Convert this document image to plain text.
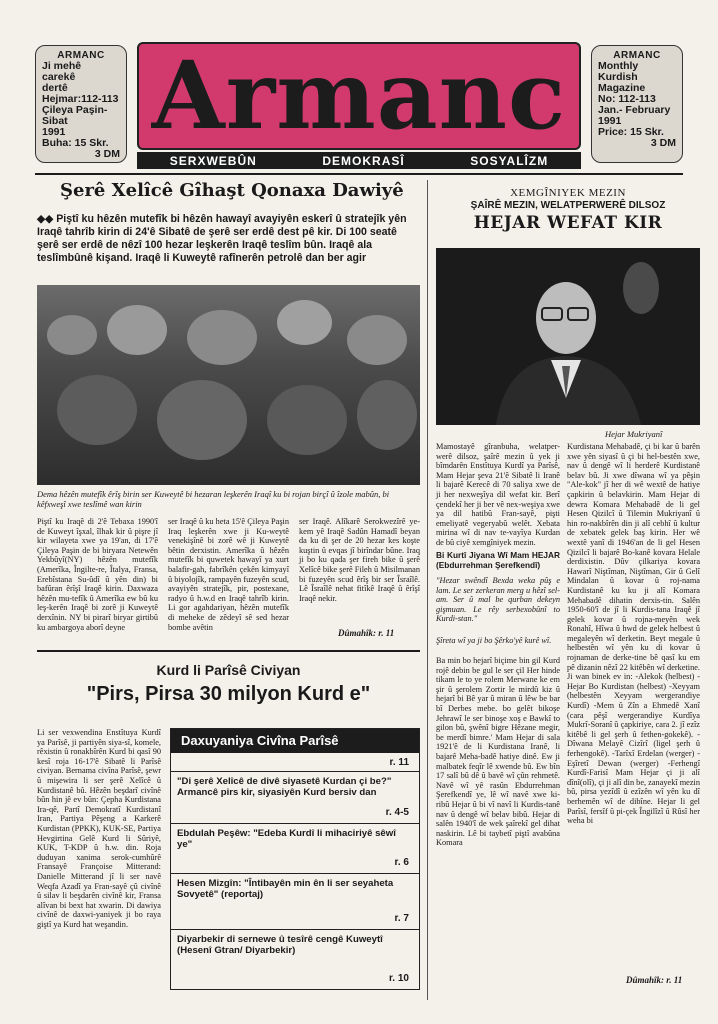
ARMANC
Ji mehê
carekê
dertê
Hejmar:112-113
Çileya Paşin-
Sibat
1991
Buha: 15 Skr.
3 DM
Armanc
SERXWEBÛN	DEMOKRASÎ	SOSYALÎZM
ARMANC
Monthly
Kurdish
Magazine
No: 112-113
Jan.- February
1991
Price: 15 Skr.
3 DM
Şerê Xelîcê Gîhaşt Qonaxa Dawiyê
◆◆ Piştî ku hêzên mutefîk bi hêzên hawayî avayiyên eskerî û stratejîk yên Iraqê tahrîb kirin di 24'ê Sibatê de şerê ser erdê dest pê kir. Di 100 seatê şerê ser erdê de nêzî 100 hezar leşkerên Iraqê teslîm bûn. Iraqê ala teslîmbûnê kişand. Iraqê li Kuweytê rafînerên petrolê dan ber agir
Dema hêzên mutefîk êrîş birin ser Kuweytê bi hezaran leşkerên Iraqî ku bi rojan birçî û îzole mabûn, bi kêfxweşî xwe teslîmê wan kirin
Piştî ku Iraqê di 2'ê Tebaxa 1990'î de Kuweyt îşxal, îlhak kir û pişre jî kir wilayeta xwe ya 19'an, di 17'ê Çileya Paşin de bi biryara Netewên Yekbûyî(NY) hêzên mutefîk (Amerîka, Îngilte-re, Îtalya, Fransa, Erebîstana Su-ûdî û yên din) bi bafûran êrîşî Iraqê kirin. Daxwaza hêzên mu-tefîk û Amerîka ew bû ku leş-kerên Iraqê bi zorê ji Kuweytê derxînin. NY bi pirarî biryar girtibû ku ambargoya aborî deyne
ser Iraqê û ku heta 15'ê Çileya Paşin Iraq leşkerên xwe ji Ku-weytê venekişînê bi zorê wê ji Kuweytê bêtin derxistin. Amerîka û hêzên mutefîk bi quwetek hawayî ya xurt balafir-gah, fabrîkên çekên kimyayî û biyolojîk, rampayên fuzeyên scud, avayiyên stratejîk, pir, postexane, radyo û h.w.d en Iraqê tahrîb kirin. Li gor agahdariyan, hêzên mutefîk di meheke de zêdeyî sê sed hezar bombe avêtin
ser Iraqê. Alîkarê Serokwezîrê ye-kem yê Iraqê Sadûn Hamadî beyan da ku di şer de 20 hezar kes koşte kuştin û evqas jî birîndar bûne. Iraq ji bo ku qada şer fireh bike û şerê Xelîcê bike şerê Fileh û Misilmanan bi fuzeyên scud êrîş bir ser Îsraîlê. Lê Îsraîlê nehat fitîkê Iraqê û êrîşî Iraqê nekir.
Dûmahîk: r. 11
XEMGÎNIYEK MEZIN
ŞAÎRÊ MEZIN, WELATPERWERÊ DILSOZ
HEJAR WEFAT KIR
Hejar Mukriyanî
Mamostayê gîranbuha, welatper-werê dilsoz, şaîrê mezin û yek ji bîmdarên Enstîtuya Kurdî ya Parîsê, Mam Hejar şeva 21'ê Sibatê li Iranê li bajarê Kerecê di 70 saliya xwe de ji her nexweşîya dil wefat kir. Berî çendekî her ji ber vê nex-weşiya xwe ya dil hatibû Fran-sayê, pişti emeliyatê vegeryabû welêt. Xebata mirina wî di nav te-vayîya Kurdan de bû ciyê xemgîniyek mezin.
Bi Kurtî Jiyana Wî Mam HEJAR (Ebdurrehman Şerefkendî)
"Hezar swêndî Bexda weka pûş e lam. Le ser zerkeran merg u hêzî sel-am. Ser û mal be qurban dekeyn gişmuan. Le rêy serbexobûnî to Kurdi-stan."
Şîreta wî ya ji bo Şêrko'yê kurê wî.
Ba min bo hejarî biçime bin gil Kurd rojê debin be gul le ser çil Her hinde tikam le to ye rolem Merwane ke em şir û şerolem Zortir le mirdû kiz û hejarî bi Bê yar û miran û lêw be bar bî Derbes mebe. bo gelêt bikoşe Jehrawî le ser binoşe xoş e Bawkî to gilon bû, şwênî bigre Hêzane megir, be merdî bimre.' Mam Hejar di sala 1921'ê de li Kurdistana Iranê, li bajarê Meha-badê hatiye dinê. Ew ji malbatek feqîr lê xwende bû. Ew bîn 17 salî bû dê û bavê wî çûn rehmetê. Navê wî yê rasûn Ebdurrehman Şerefkendî ye, lê wî navê xwe ki-ribû Hejar û bi vî navî li Kurdis-tanê nav û dengê wî belav bibû. Hejar di salên 1940'î de wek şaîrekî gel dihat naskirin. Lê bi taybetî piştî avabûna Komara
Kurdistana Mehabadê, çi bi kar û barên xwe yên siyasî û çi bi hel-bestên xwe, nav û dengê wî li herderê Kurdistanê belav bû. Ji xwe dîwana wî ya pêşin "Ale-kok" jî her di wê wextê de hatiye çapkirin û belavkirin. Mam Hejar di dewra Komara Mehabadê de li gel Hesen Qizilcî û Tilemin Mukriyanî û hin ro-nakbîrên din ji alî cebhî û kultur de xebatek gelek baş kirin. Her wê wextê yanî di 1946'an de li gel Hesen Qizilcî li bajarê Bo-kanê kovara Helale derdixistin. Dûv çilkariya kovara Hawarî Niştîman, Niştîman, Gir û Gelî Mindalan û kovar û roj-nama Kurdistanê ku ku ji alî Komara Mehabadê dihatin derxis-tin. Salên 1950-60'î de jî li Kurdis-tana Iraqê jî gelek kovar û rojna-meyên wek Ronahî, Hîwa û hwd de gelek helbest û megaleyên wî derketin. Beyt megale û helbestên wî yên ku di kovar û rojnaman de derke-tine bê qasî ku em pê dizanin nêzî 22 kitêbên wî derketine. Ji wan binek ev in: -Alekok (helbest) -Hejar Bo Kurdistan (helbest) -Xeyyam (helbestên Xeyyam wergerandiye Kurdî) -Mem û Zîn a Ehmedê Xanî (cara pêşî wergerandiye Kurdîya Mukrî-Soranî û çapkiriye, cara 2. jî ezîz kitêbê li gel şerh û fethen-gokekê). -Dîwana Melayê Cizîrî (ligel şerh û ferhengokê). -Tarîxî Erdelan (werger) -Eşîretî Dewan (werger) -Ferhengî Kurdî-Farisî Mam Hejar çi ji alî dînî(olî), çi ji alî din be, zanayekî mezin bû, pirsa yezîdî û ezîzên wî yên ku dî berhemên wî de dibîne. Hejar li gel Parîsî, fersîf û pi-çek Îngilîzî û Rûsî her weha bi
Dûmahîk: r. 11
Kurd li Parîsê Civiyan
"Pirs, Pirsa 30 milyon Kurd e"
Li ser vexwendina Enstîtuya Kurdî ya Parîsê, ji partiyên siya-sî, komele, rêxistin û ronakbîrên Kurd bi qasî 90 kesî roja 16-17'ê Sibatê li Parîsê civiyan. Bernama civîna Parîsê, şewr û mişewira li ser şerê Xelîcê û Kurdistanê bû. Hêzên beşdarî civînê bûn hin jê ev bûn: Çepha Kurdistana Ira-qê, Partî Demokratî Kurdistanî Iran, Partiya Pêşeng a Karkerê Kurdistan (PPKK), KUK-SE, Partiya Hevgirtina Gelê Kurd li Sûriyê, KUK, T-KDP û h.w. din. Roja duduyan xanima serok-cumhûrê Fransayê Françoise Mitterand: Danielle Mitterand jî li ser navê Weqfa Azadî ya Fran-sayê çû civînê û silav li beşdarên civînê kir, Fransa alîvan bi bext hat xwarin. Di dawiya civînê de daxwi-yaniyek ji bo raya giştî ya Kurd hat weşandin.
Daxuyaniya Civîna Parîsê
r. 11
"Di şerê Xelîcê de divê siyasetê Kurdan çi be?" Armancê pirs kir, siyasiyên Kurd bersiv dan
r. 4-5
Ebdulah Peşêw: "Edeba Kurdî li mihaciriyê sêwî ye"
r. 6
Hesen Mizgîn: "Întibayên min ên li ser seyaheta Sovyetê" (reportaj)
r. 7
Diyarbekir di sernewe û tesîrê cengê Kuweytî (Hesenî Gtran/ Diyarbekir)
r. 10
